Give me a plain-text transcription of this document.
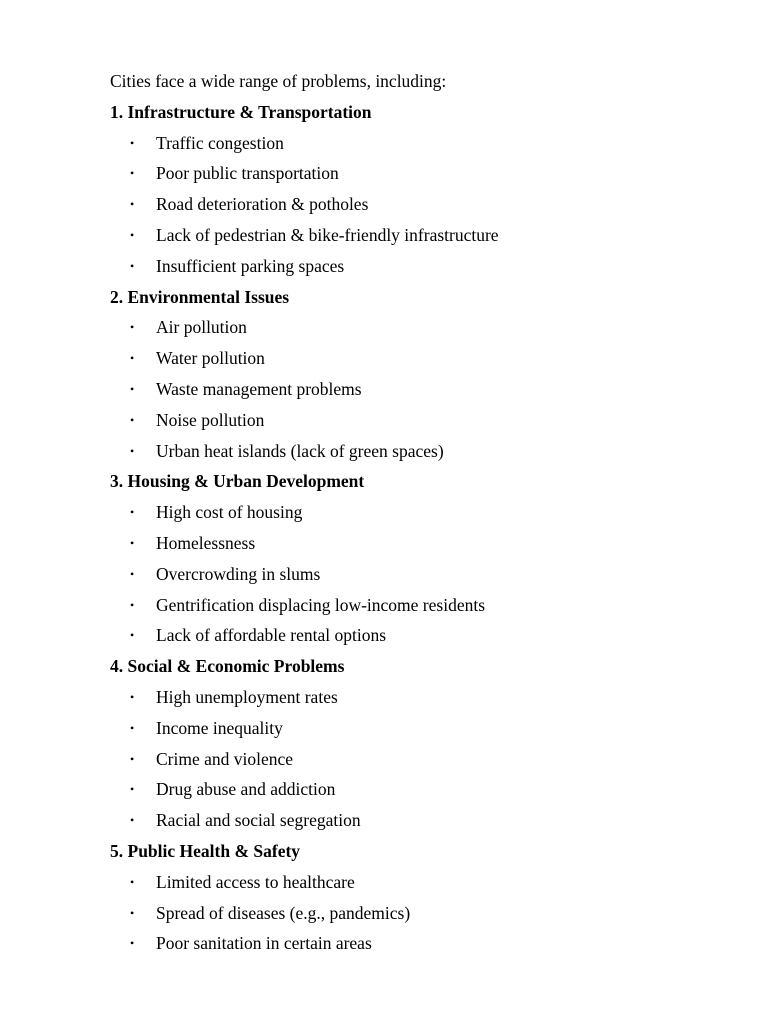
Cities face a wide range of problems, including:
1. Infrastructure & Transportation
• Traffic congestion
• Poor public transportation
• Road deterioration & potholes
• Lack of pedestrian & bike-friendly infrastructure
• Insufficient parking spaces
2. Environmental Issues
• Air pollution
• Water pollution
• Waste management problems
• Noise pollution
• Urban heat islands (lack of green spaces)
3. Housing & Urban Development
• High cost of housing
• Homelessness
• Overcrowding in slums
• Gentrification displacing low-income residents
• Lack of affordable rental options
4. Social & Economic Problems
• High unemployment rates
• Income inequality
• Crime and violence
• Drug abuse and addiction
• Racial and social segregation
5. Public Health & Safety
• Limited access to healthcare
• Spread of diseases (e.g., pandemics)
• Poor sanitation in certain areas
